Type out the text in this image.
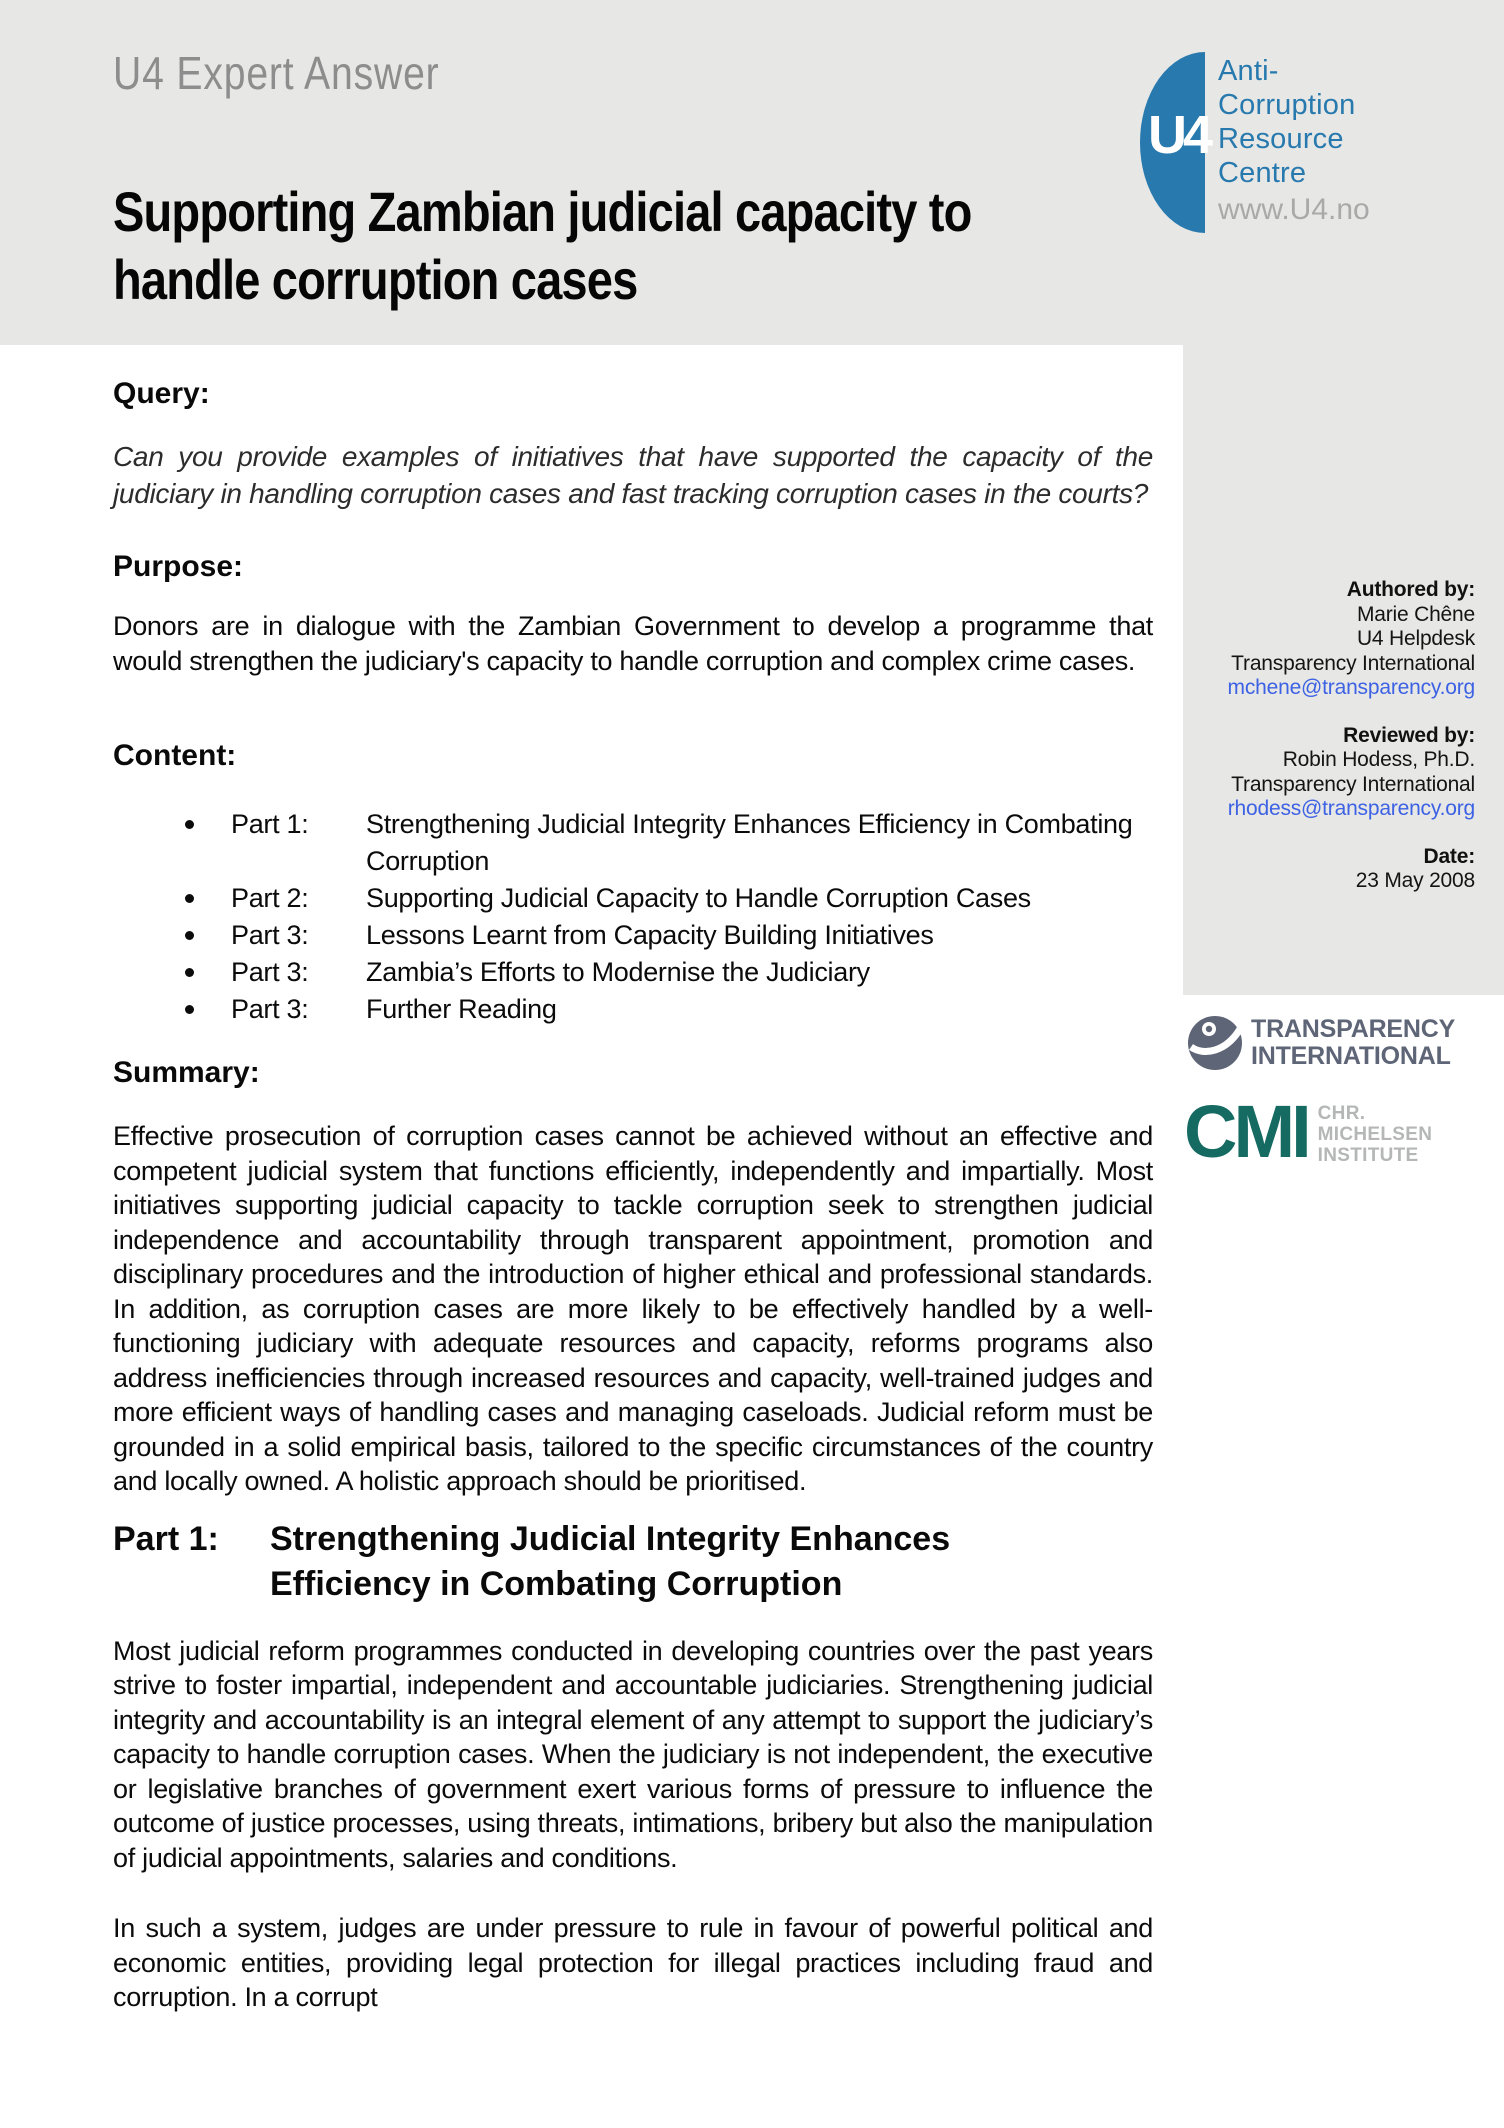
U4 Expert Answer
Supporting Zambian judicial capacity to
handle corruption cases
U4
Anti-
Corruption
Resource
Centre
www.U4.no
Authored by:
Marie Chêne
U4 Helpdesk
Transparency International
mchene@transparency.org
Reviewed by:
Robin Hodess, Ph.D.
Transparency International
rhodess@transparency.org
Date:
23 May 2008
TRANSPARENCY
INTERNATIONAL
CMI CHR.
MICHELSEN
INSTITUTE
Query:

Can you provide examples of initiatives that have supported the capacity of the judiciary in handling corruption cases and fast tracking corruption cases in the courts?

Purpose:

Donors are in dialogue with the Zambian Government to develop a programme that would strengthen the judiciary's capacity to handle corruption and complex crime cases.

Content:
Part 1:	Strengthening Judicial Integrity Enhances Efficiency in Combating Corruption
Part 2:	Supporting Judicial Capacity to Handle Corruption Cases
Part 3:	Lessons Learnt from Capacity Building Initiatives
Part 3:	Zambia’s Efforts to Modernise the Judiciary
Part 3:	Further Reading
Summary:

Effective prosecution of corruption cases cannot be achieved without an effective and competent judicial system that functions efficiently, independently and impartially. Most initiatives supporting judicial capacity to tackle corruption seek to strengthen judicial independence and accountability through transparent appointment, promotion and disciplinary procedures and the introduction of higher ethical and professional standards. In addition, as corruption cases are more likely to be effectively handled by a well-functioning judiciary with adequate resources and capacity, reforms programs also address inefficiencies through increased resources and capacity, well-trained judges and more efficient ways of handling cases and managing caseloads. Judicial reform must be grounded in a solid empirical basis, tailored to the specific circumstances of the country and locally owned. A holistic approach should be prioritised.

Part 1:	Strengthening Judicial Integrity Enhances
Efficiency in Combating Corruption

Most judicial reform programmes conducted in developing countries over the past years strive to foster impartial, independent and accountable judiciaries. Strengthening judicial integrity and accountability is an integral element of any attempt to support the judiciary’s capacity to handle corruption cases. When the judiciary is not independent, the executive or legislative branches of government exert various forms of pressure to influence the outcome of justice processes, using threats, intimations, bribery but also the manipulation of judicial appointments, salaries and conditions.

In such a system, judges are under pressure to rule in favour of powerful political and economic entities, providing legal protection for illegal practices including fraud and corruption. In a corrupt
